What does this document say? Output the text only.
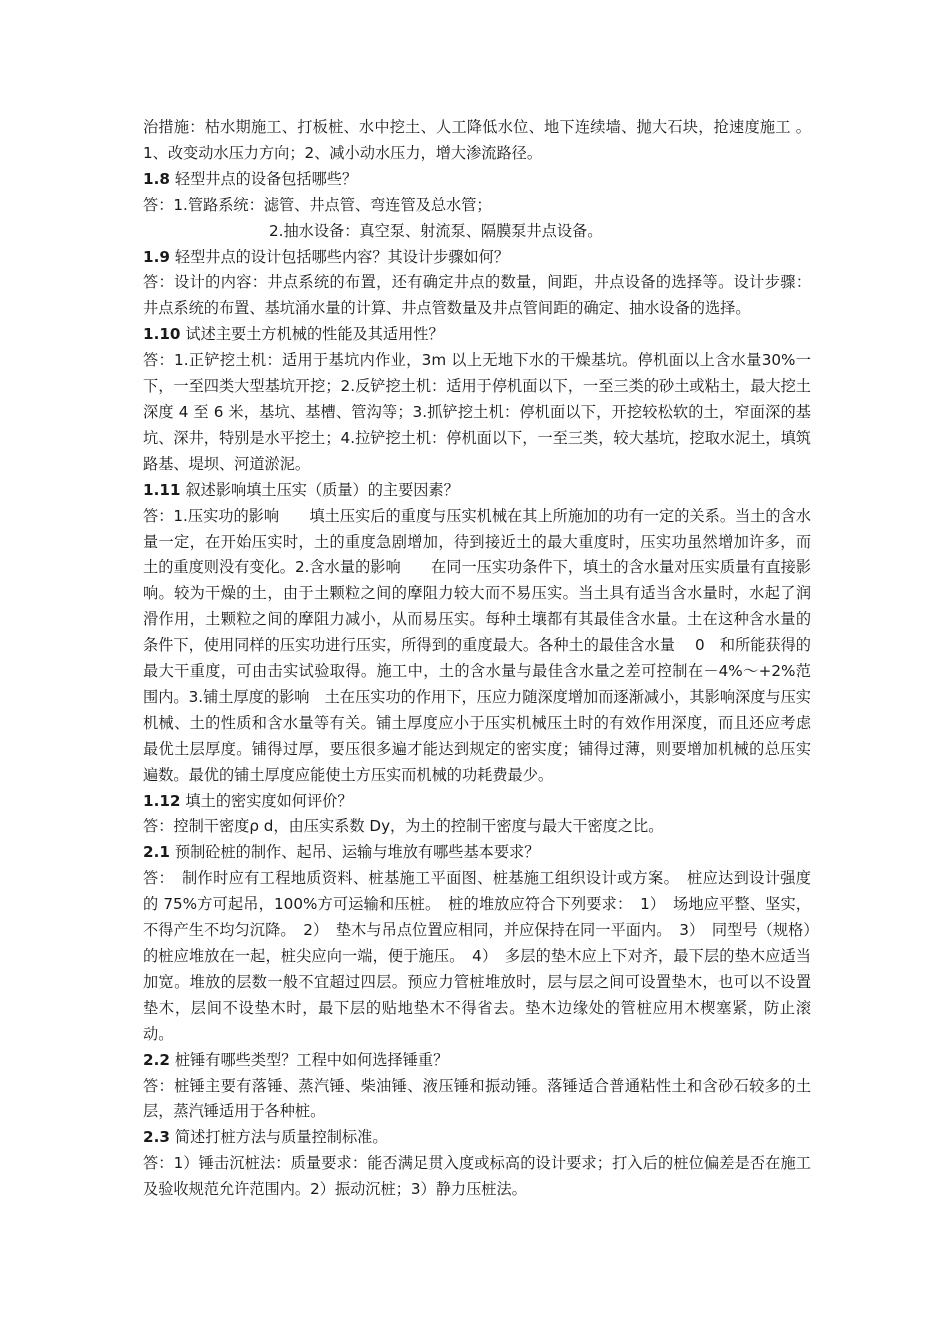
治措施：枯水期施工、打板桩、水中挖土、人工降低水位、地下连续墙、抛大石块，抢速度施工 。1、改变动水压力方向；2、减小动水压力，增大渗流路径。

1.8 轻型井点的设备包括哪些？

答：1.管路系统：滤管、井点管、弯连管及总水管；

2.抽水设备：真空泵、射流泵、隔膜泵井点设备。

1.9 轻型井点的设计包括哪些内容？其设计步骤如何？

答：设计的内容：井点系统的布置，还有确定井点的数量，间距，井点设备的选择等。设计步骤：井点系统的布置、基坑涌水量的计算、井点管数量及井点管间距的确定、抽水设备的选择。

1.10 试述主要土方机械的性能及其适用性？

答：1.正铲挖土机：适用于基坑内作业，3m 以上无地下水的干燥基坑。停机面以上含水量30%一下，一至四类大型基坑开挖；2.反铲挖土机：适用于停机面以下，一至三类的砂土或粘土，最大挖土深度 4 至 6 米，基坑、基槽、管沟等；3.抓铲挖土机：停机面以下，开挖较松软的土，窄面深的基坑、深井，特别是水平挖土；4.拉铲挖土机：停机面以下，一至三类，较大基坑，挖取水泥土，填筑路基、堤坝、河道淤泥。

1.11 叙述影响填土压实（质量）的主要因素？

答：1.压实功的影响　　填土压实后的重度与压实机械在其上所施加的功有一定的关系。当土的含水量一定，在开始压实时，土的重度急剧增加，待到接近土的最大重度时，压实功虽然增加许多，而土的重度则没有变化。2.含水量的影响　　在同一压实功条件下，填土的含水量对压实质量有直接影响。较为干燥的土，由于土颗粒之间的摩阻力较大而不易压实。当土具有适当含水量时，水起了润滑作用，土颗粒之间的摩阻力减小，从而易压实。每种土壤都有其最佳含水量。土在这种含水量的条件下，使用同样的压实功进行压实，所得到的重度最大。各种土的最佳含水量　 0　和所能获得的最大干重度，可由击实试验取得。施工中，土的含水量与最佳含水量之差可控制在－4%～+2%范围内。3.铺土厚度的影响　土在压实功的作用下，压应力随深度增加而逐渐减小，其影响深度与压实机械、土的性质和含水量等有关。铺土厚度应小于压实机械压土时的有效作用深度，而且还应考虑最优土层厚度。铺得过厚，要压很多遍才能达到规定的密实度；铺得过薄，则要增加机械的总压实遍数。最优的铺土厚度应能使土方压实而机械的功耗费最少。

1.12 填土的密实度如何评价？

答：控制干密度ρ d，由压实系数 Dy，为土的控制干密度与最大干密度之比。

2.1 预制砼桩的制作、起吊、运输与堆放有哪些基本要求？

答：　制作时应有工程地质资料、桩基施工平面图、桩基施工组织设计或方案。　桩应达到设计强度的 75%方可起吊，100%方可运输和压桩。　桩的堆放应符合下列要求：　1）　场地应平整、坚实，不得产生不均匀沉降。　2）　垫木与吊点位置应相同，并应保持在同一平面内。　3）　同型号（规格）的桩应堆放在一起，桩尖应向一端，便于施压。　4）　多层的垫木应上下对齐，最下层的垫木应适当加宽。堆放的层数一般不宜超过四层。预应力管桩堆放时，层与层之间可设置垫木，也可以不设置垫木，层间不设垫木时，最下层的贴地垫木不得省去。垫木边缘处的管桩应用木楔塞紧，防止滚动。

2.2 桩锤有哪些类型？工程中如何选择锤重？

答：桩锤主要有落锤、蒸汽锤、柴油锤、液压锤和振动锤。落锤适合普通粘性土和含砂石较多的土层，蒸汽锤适用于各种桩。

2.3 简述打桩方法与质量控制标准。

答：1）锤击沉桩法：质量要求：能否满足贯入度或标高的设计要求；打入后的桩位偏差是否在施工及验收规范允许范围内。2）振动沉桩；3）静力压桩法。
